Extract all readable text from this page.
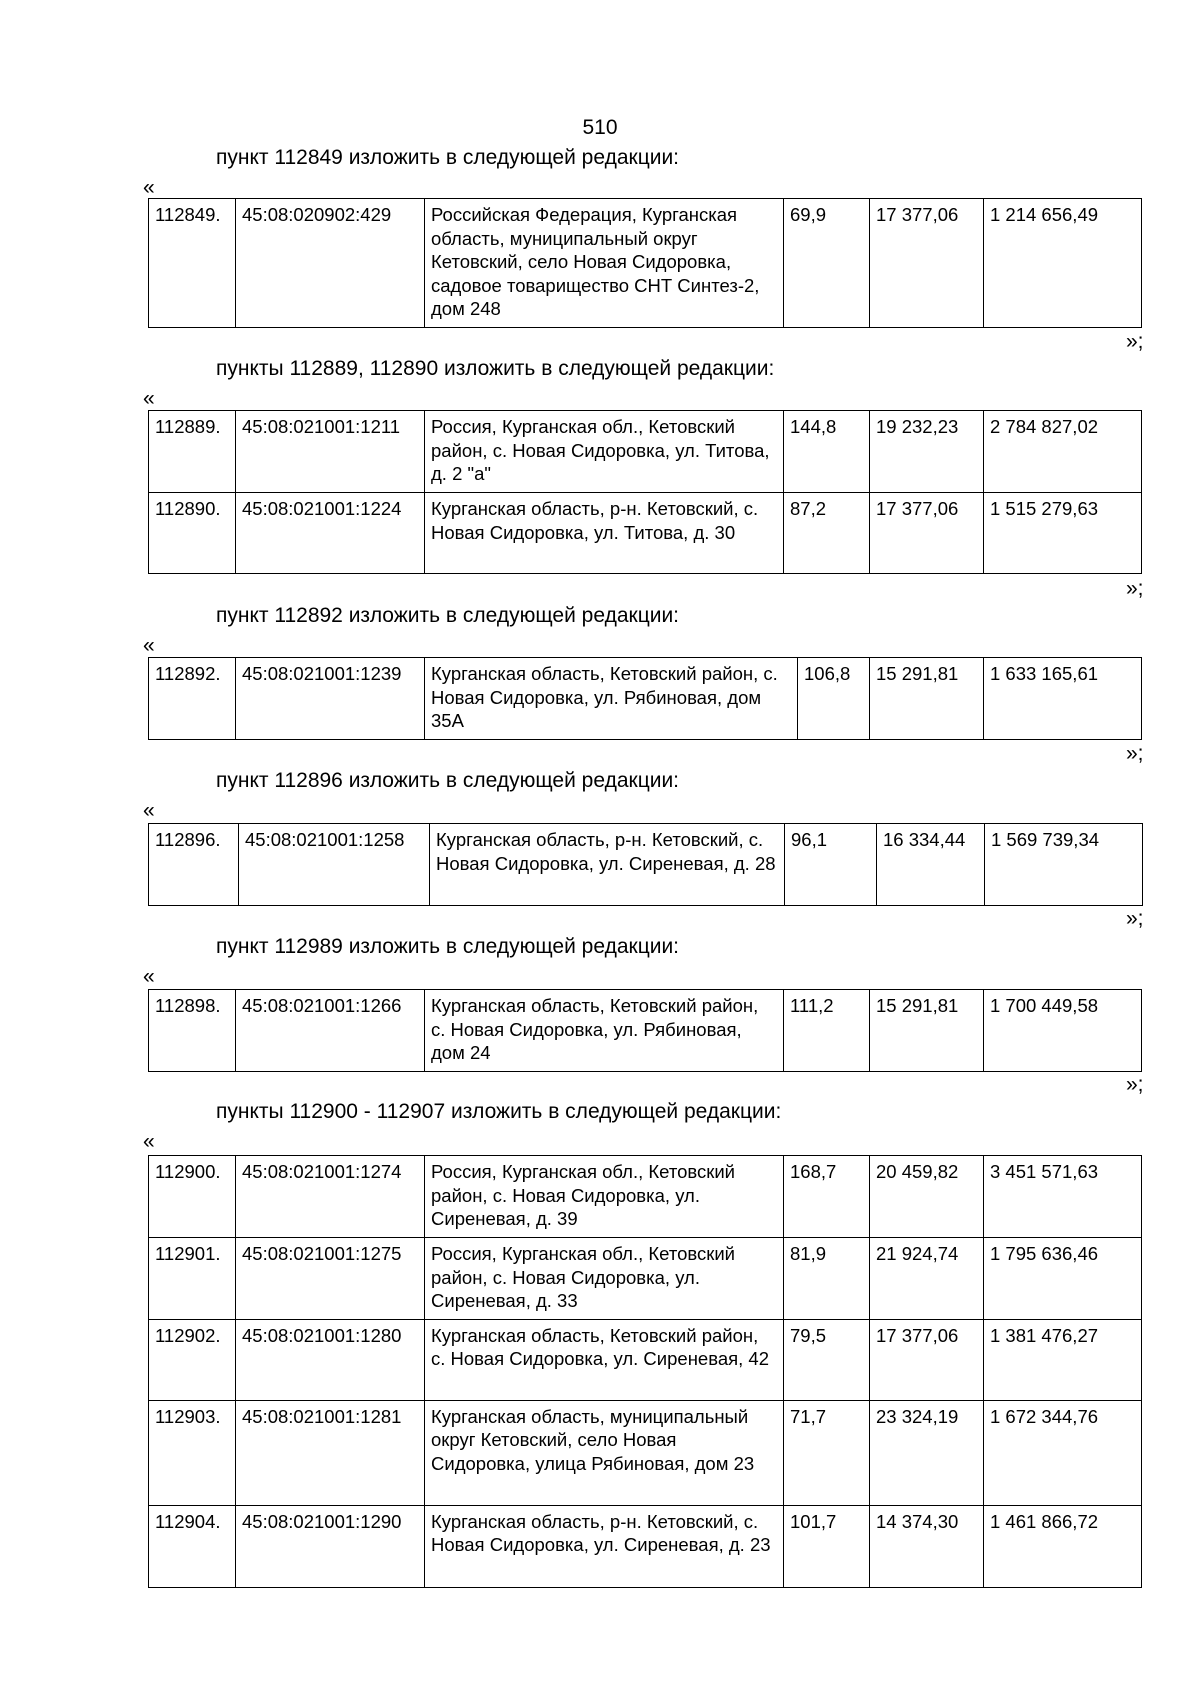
510
пункт 112849 изложить в следующей редакции:
«
112849.	45:08:020902:429	Российская Федерация, Курганская область, муниципальный округ Кетовский, село Новая Сидоровка, садовое товарищество СНТ Синтез-2, дом 248	69,9	17 377,06	1 214 656,49
»;
пункты 112889, 112890 изложить в следующей редакции:
«
112889.	45:08:021001:1211	Россия, Курганская обл., Кетовский район, с. Новая Сидоровка, ул. Титова, д. 2 "а"	144,8	19 232,23	2 784 827,02
112890.	45:08:021001:1224	Курганская область, р-н. Кетовский, с. Новая Сидоровка, ул. Титова, д. 30	87,2	17 377,06	1 515 279,63
»;
пункт 112892 изложить в следующей редакции:
«
112892.	45:08:021001:1239	Курганская область, Кетовский район, с. Новая Сидоровка, ул. Рябиновая, дом 35А	106,8	15 291,81	1 633 165,61
»;
пункт 112896 изложить в следующей редакции:
«
112896.	45:08:021001:1258	Курганская область, р-н. Кетовский, с. Новая Сидоровка, ул. Сиреневая, д. 28	96,1	16 334,44	1 569 739,34
»;
пункт 112989 изложить в следующей редакции:
«
112898.	45:08:021001:1266	Курганская область, Кетовский район, с. Новая Сидоровка, ул. Рябиновая, дом 24	111,2	15 291,81	1 700 449,58
»;
пункты 112900 - 112907 изложить в следующей редакции:
«
112900.	45:08:021001:1274	Россия, Курганская обл., Кетовский район, с. Новая Сидоровка, ул. Сиреневая, д. 39	168,7	20 459,82	3 451 571,63
112901.	45:08:021001:1275	Россия, Курганская обл., Кетовский район, с. Новая Сидоровка, ул. Сиреневая, д. 33	81,9	21 924,74	1 795 636,46
112902.	45:08:021001:1280	Курганская область, Кетовский район, с. Новая Сидоровка, ул. Сиреневая, 42	79,5	17 377,06	1 381 476,27
112903.	45:08:021001:1281	Курганская область, муниципальный округ Кетовский, село Новая Сидоровка, улица Рябиновая, дом 23	71,7	23 324,19	1 672 344,76
112904.	45:08:021001:1290	Курганская область, р-н. Кетовский, с. Новая Сидоровка, ул. Сиреневая, д. 23	101,7	14 374,30	1 461 866,72
